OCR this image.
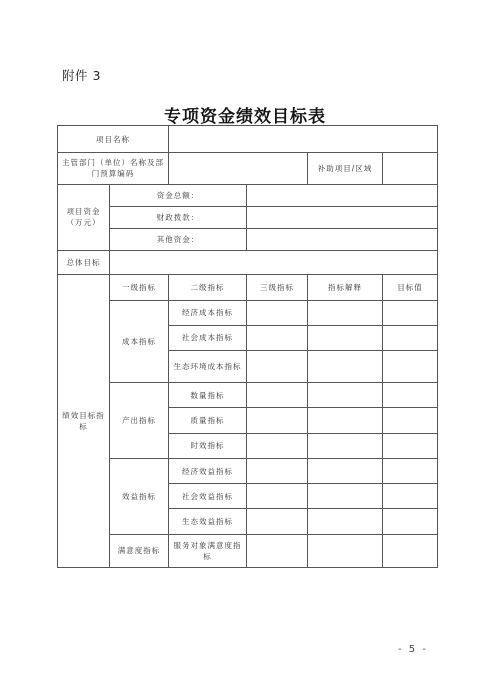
附件 3
专项资金绩效目标表
项目名称					
主管部门（单位）名称及部门预算编码				补助项目/区域	
项目资金（万元）	资金总额：				
	财政拨款：				
	其他资金：				
总体目标					
绩效目标指标	一级指标	二级指标	三级指标	指标解释	目标值
	成本指标	经济成本指标			
		社会成本指标			
		生态环境成本指标			
	产出指标	数量指标			
		质量指标			
		时效指标			
	效益指标	经济效益指标			
		社会效益指标			
		生态效益指标			
	满意度指标	服务对象满意度指标			
- 5 -
